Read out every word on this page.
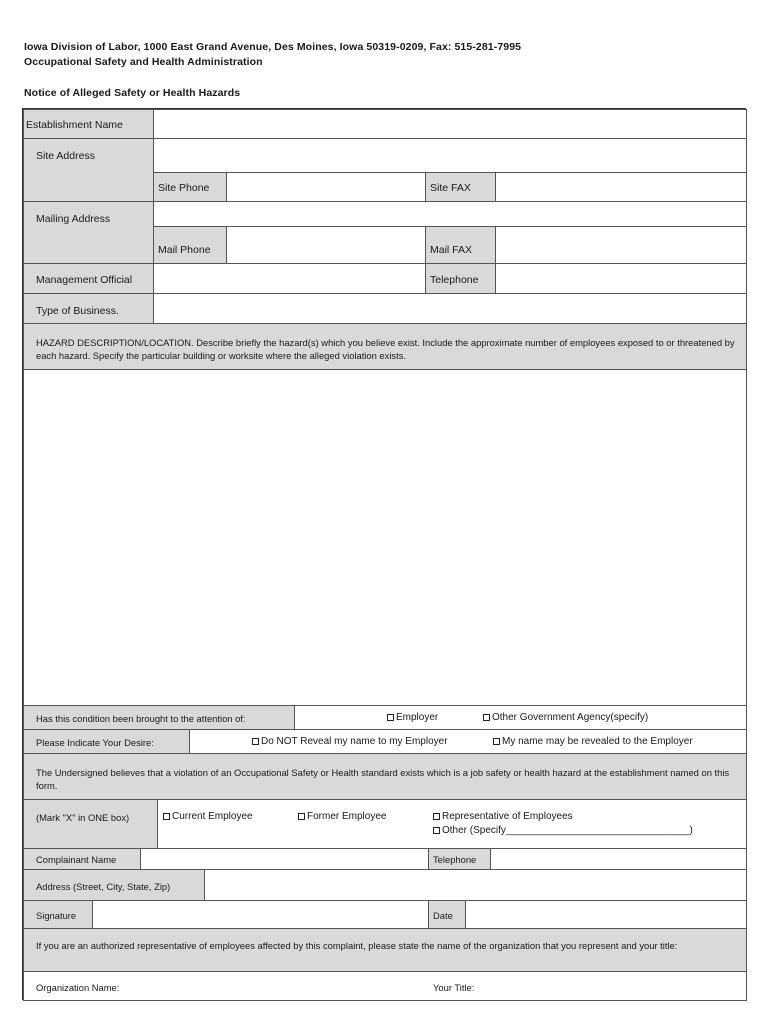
Iowa Division of Labor, 1000 East Grand Avenue, Des Moines, Iowa 50319-0209, Fax: 515-281-7995
Occupational Safety and Health Administration
Notice of Alleged Safety or Health Hazards
Establishment Name
Site Address
Site Phone	Site FAX
Mailing Address
Mail Phone	Mail FAX
Management Official	Telephone
Type of Business.
HAZARD DESCRIPTION/LOCATION. Describe briefly the hazard(s) which you believe exist. Include the approximate number of employees exposed to or threatened by each hazard. Specify the particular building or worksite where the alleged violation exists.
Has this condition been brought to the attention of:	Employer	Other Government Agency(specify)
Please Indicate Your Desire:	Do NOT Reveal my name to my Employer	My name may be revealed to the Employer
The Undersigned believes that a violation of an Occupational Safety or Health standard exists which is a job safety or health hazard at the establishment named on this form.
(Mark "X" in ONE box)	Current Employee	Former Employee	Representative of Employees
Other (Specify_________________________________)
Complainant Name	Telephone
Address (Street, City, State, Zip)
Signature	Date
If you are an authorized representative of employees affected by this complaint, please state the name of the organization that you represent and your title:
Organization Name:	Your Title:
